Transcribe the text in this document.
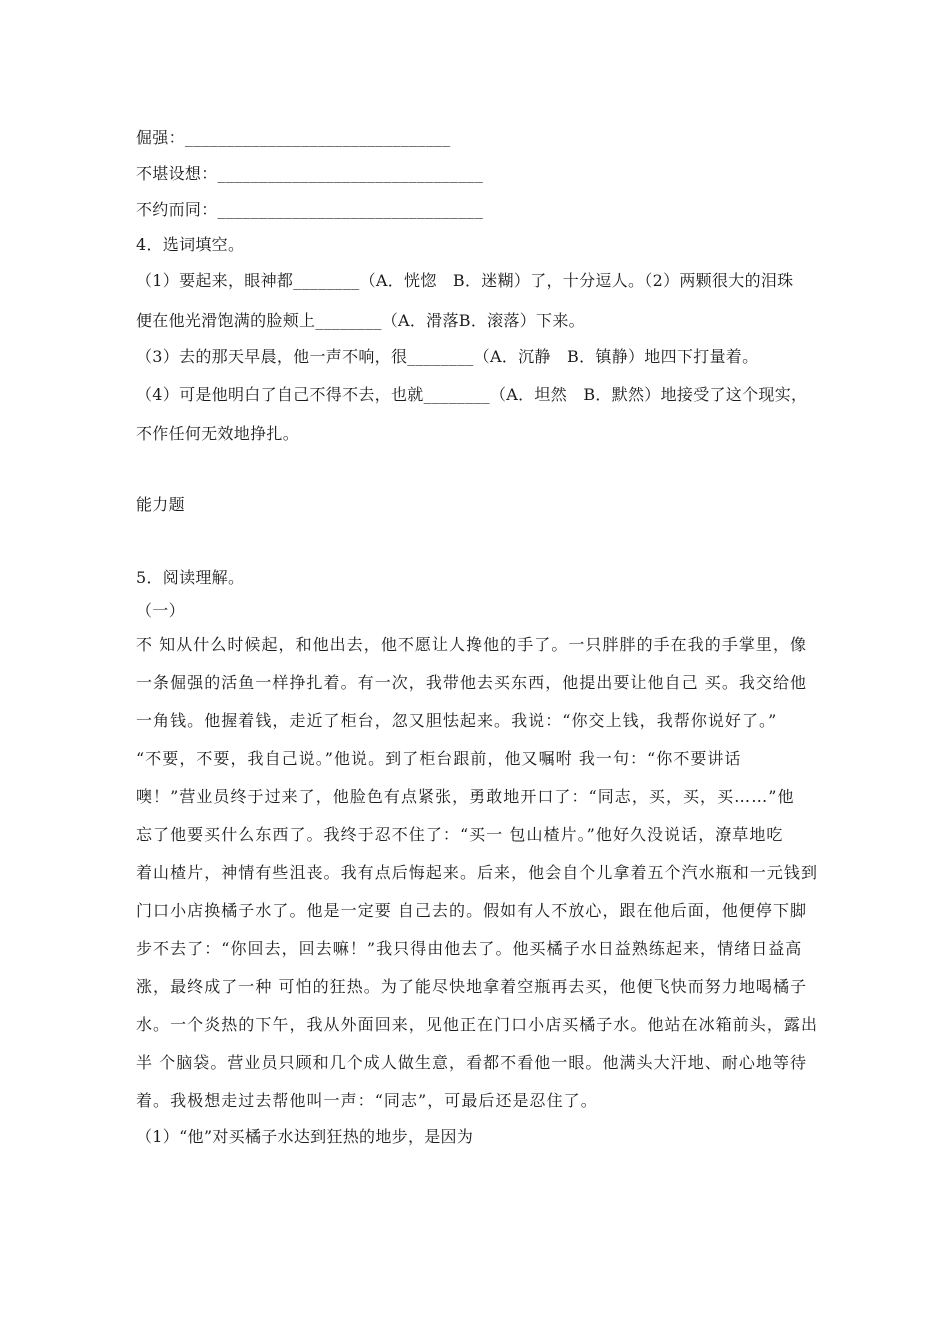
倔强：________________________________
不堪设想：________________________________
不约而同：________________________________
4．选词填空。
（1）要起来，眼神都________（A．恍惚　B．迷糊）了，十分逗人。（2）两颗很大的泪珠
便在他光滑饱满的脸颊上________（A．滑落B．滚落）下来。
（3）去的那天早晨，他一声不响，很________（A．沉静　B．镇静）地四下打量着。
（4）可是他明白了自己不得不去，也就________（A．坦然　B．默然）地接受了这个现实，
不作任何无效地挣扎。
能力题
5．阅读理解。
（一）
不 知从什么时候起，和他出去，他不愿让人搀他的手了。一只胖胖的手在我的手掌里，像
一条倔强的活鱼一样挣扎着。有一次，我带他去买东西，他提出要让他自己 买。我交给他
一角钱。他握着钱，走近了柜台，忽又胆怯起来。我说：“你交上钱，我帮你说好了。”
“不要，不要，我自己说。”他说。到了柜台跟前，他又嘱咐 我一句：“你不要讲话
噢！”营业员终于过来了，他脸色有点紧张，勇敢地开口了：“同志，买，买，买……”他
忘了他要买什么东西了。我终于忍不住了：“买一 包山楂片。”他好久没说话，潦草地吃
着山楂片，神情有些沮丧。我有点后悔起来。后来，他会自个儿拿着五个汽水瓶和一元钱到
门口小店换橘子水了。他是一定要 自己去的。假如有人不放心，跟在他后面，他便停下脚
步不去了：“你回去，回去嘛！”我只得由他去了。他买橘子水日益熟练起来，情绪日益高
涨，最终成了一种 可怕的狂热。为了能尽快地拿着空瓶再去买，他便飞快而努力地喝橘子
水。一个炎热的下午，我从外面回来，见他正在门口小店买橘子水。他站在冰箱前头，露出
半 个脑袋。营业员只顾和几个成人做生意，看都不看他一眼。他满头大汗地、耐心地等待
着。我极想走过去帮他叫一声：“同志”，可最后还是忍住了。
（1）“他”对买橘子水达到狂热的地步，是因为
